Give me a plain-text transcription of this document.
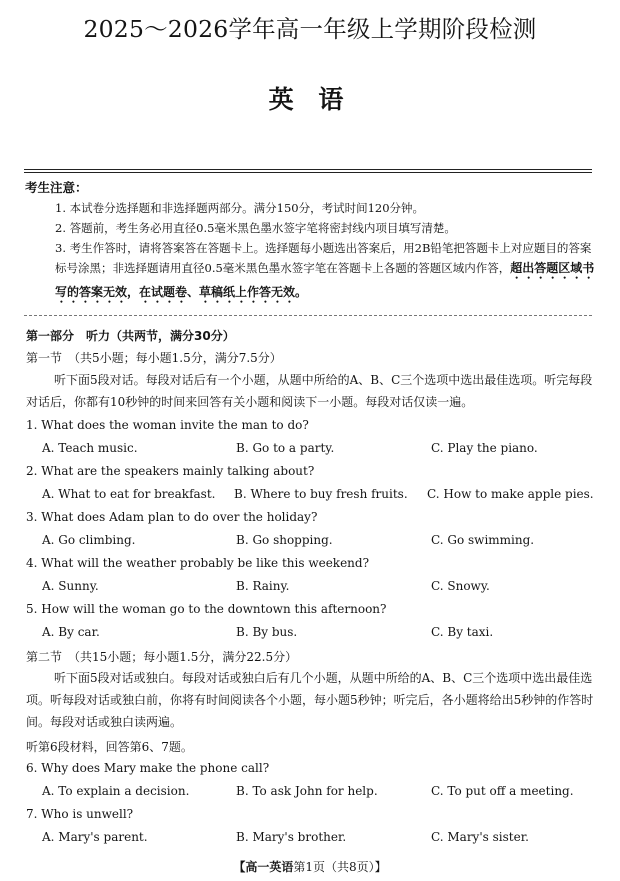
2025～2026学年高一年级上学期阶段检测
英 语
考生注意：
1. 本试卷分选择题和非选择题两部分。满分150分，考试时间120分钟。
2. 答题前，考生务必用直径0.5毫米黑色墨水签字笔将密封线内项目填写清楚。
3. 考生作答时，请将答案答在答题卡上。选择题每小题选出答案后，用2B铅笔把答题卡上对应题目的答案标号涂黑；非选择题请用直径0.5毫米黑色墨水签字笔在答题卡上各题的答题区域内作答，超出答题区域书写的答案无效，在试题卷、草稿纸上作答无效。
第一部分　听力（共两节，满分30分）
第一节　（共5小题；每小题1.5分，满分7.5分）
听下面5段对话。每段对话后有一个小题，从题中所给的A、B、C三个选项中选出最佳选项。听完每段对话后，你都有10秒钟的时间来回答有关小题和阅读下一小题。每段对话仅读一遍。
1. What does the woman invite the man to do?
A. Teach music.	B. Go to a party.	C. Play the piano.
2. What are the speakers mainly talking about?
A. What to eat for breakfast. B. Where to buy fresh fruits. C. How to make apple pies.
3. What does Adam plan to do over the holiday?
A. Go climbing.	B. Go shopping.	C. Go swimming.
4. What will the weather probably be like this weekend?
A. Sunny.	B. Rainy.	C. Snowy.
5. How will the woman go to the downtown this afternoon?
A. By car.	B. By bus.	C. By taxi.
第二节　（共15小题；每小题1.5分，满分22.5分）
听下面5段对话或独白。每段对话或独白后有几个小题，从题中所给的A、B、C三个选项中选出最佳选项。听每段对话或独白前，你将有时间阅读各个小题，每小题5秒钟；听完后，各小题将给出5秒钟的作答时间。每段对话或独白读两遍。
听第6段材料，回答第6、7题。
6. Why does Mary make the phone call?
A. To explain a decision.	B. To ask John for help.	C. To put off a meeting.
7. Who is unwell?
A. Mary's parent.	B. Mary's brother.	C. Mary's sister.
【高一英语第1页（共8页）】
